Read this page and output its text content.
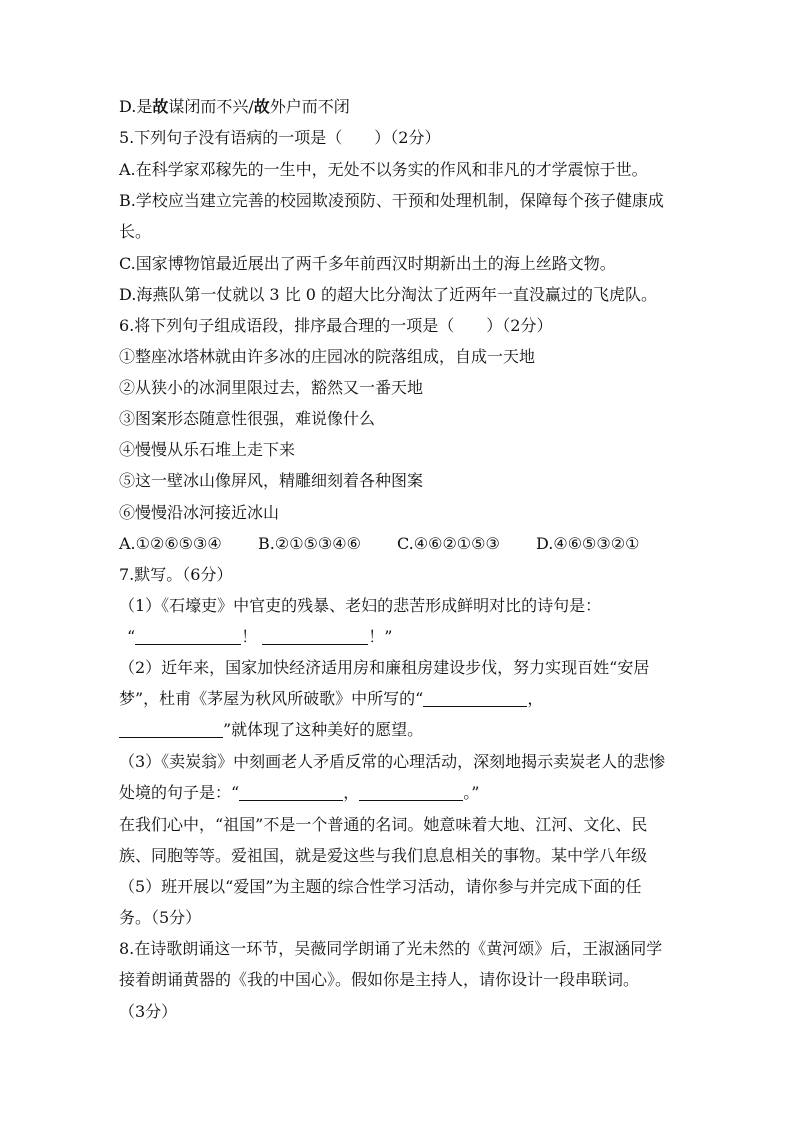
D.是故谋闭而不兴/故外户而不闭
5.下列句子没有语病的一项是（　　）（2分）
A.在科学家邓稼先的一生中，无处不以务实的作风和非凡的才学震惊于世。
B.学校应当建立完善的校园欺凌预防、干预和处理机制，保障每个孩子健康成
长。
C.国家博物馆最近展出了两千多年前西汉时期新出土的海上丝路文物。
D.海燕队第一仗就以 3 比 0 的超大比分淘汰了近两年一直没赢过的飞虎队。
6.将下列句子组成语段，排序最合理的一项是（　　）（2分）
①整座冰塔林就由许多冰的庄园冰的院落组成，自成一天地
②从狭小的冰洞里限过去，豁然又一番天地
③图案形态随意性很强，难说像什么
④慢慢从乐石堆上走下来
⑤这一壁冰山像屏风，精雕细刻着各种图案
⑥慢慢沿冰河接近冰山
A.①②⑥⑤③④ B.②①⑤③④⑥ C.④⑥②①⑤③ D.④⑥⑤③②①
7.默写。（6分）
（1）《石壕吏》中官吏的残暴、老妇的悲苦形成鲜明对比的诗句是：
“	！	！”
（2）近年来，国家加快经济适用房和廉租房建设步伐，努力实现百姓“安居
梦”，杜甫《茅屋为秋风所破歌》中所写的“	，
”就体现了这种美好的愿望。
（3）《卖炭翁》中刻画老人矛盾反常的心理活动，深刻地揭示卖炭老人的悲惨
处境的句子是：“	，	。”
在我们心中，“祖国”不是一个普通的名词。她意味着大地、江河、文化、民
族、同胞等等。爱祖国，就是爱这些与我们息息相关的事物。某中学八年级
（5）班开展以“爱国”为主题的综合性学习活动，请你参与并完成下面的任
务。（5分）
8.在诗歌朗诵这一环节，吴薇同学朗诵了光未然的《黄河颂》后，王淑涵同学
接着朗诵黄器的《我的中国心》。假如你是主持人，请你设计一段串联词。
（3分）
